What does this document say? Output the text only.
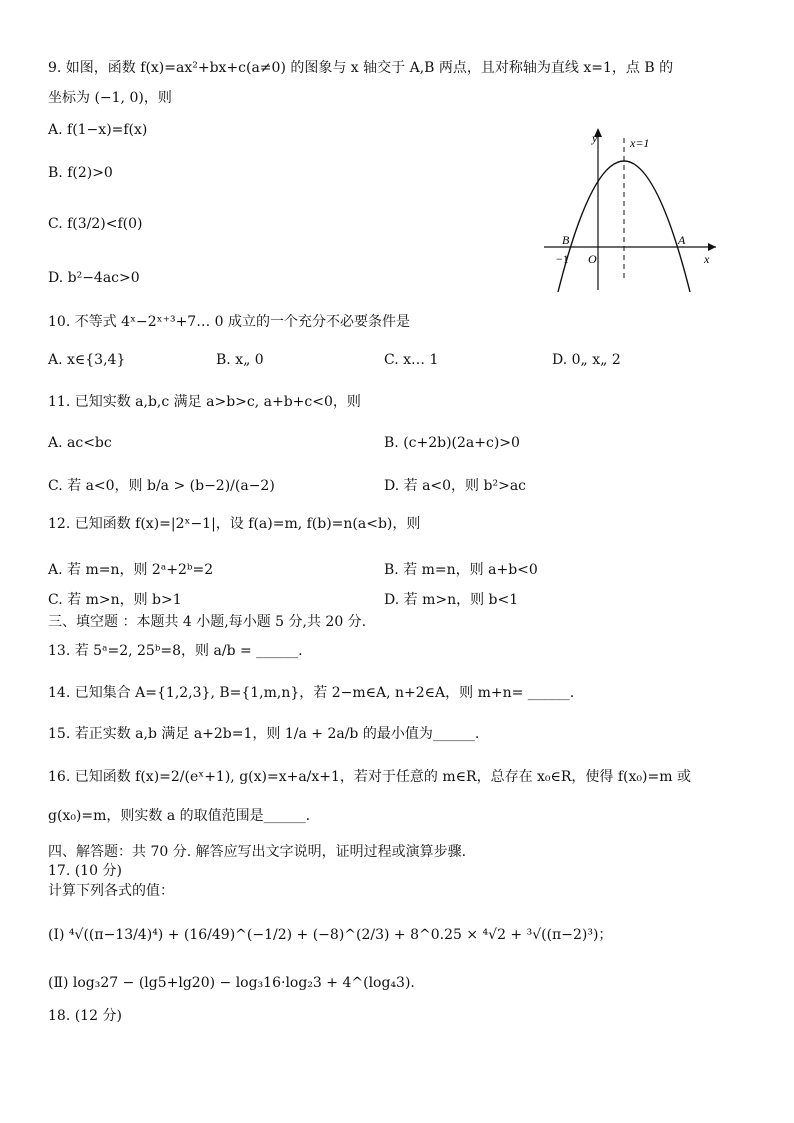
9. 如图，函数 f(x)=ax²+bx+c(a≠0) 的图象与 x 轴交于 A,B 两点，且对称轴为直线 x=1，点 B 的
坐标为 (−1, 0)，则
A. f(1−x)=f(x)
B. f(2)>0
C. f(3/2)<f(0)
D. b²−4ac>0
y	x=1
x
O
B	A
−1
10. 不等式 4ˣ−2ˣ⁺³+7… 0 成立的一个充分不必要条件是
A. x∈{3,4}	B. x„ 0	C. x… 1	D. 0„ x„ 2
11. 已知实数 a,b,c 满足 a>b>c, a+b+c<0，则
A. ac<bc	B. (c+2b)(2a+c)>0
C. 若 a<0，则 b/a > (b−2)/(a−2)	D. 若 a<0，则 b²>ac
12. 已知函数 f(x)=|2ˣ−1|，设 f(a)=m, f(b)=n(a<b)，则
A. 若 m=n，则 2ᵃ+2ᵇ=2	B. 若 m=n，则 a+b<0
C. 若 m>n，则 b>1	D. 若 m>n，则 b<1
三、填空题 ：本题共 4 小题,每小题 5 分,共 20 分.
13. 若 5ᵃ=2, 25ᵇ=8，则 a/b = ______.
14. 已知集合 A={1,2,3}, B={1,m,n}，若 2−m∈A, n+2∈A，则 m+n= ______.
15. 若正实数 a,b 满足 a+2b=1，则 1/a + 2a/b 的最小值为______.
16. 已知函数 f(x)=2/(eˣ+1), g(x)=x+a/x+1，若对于任意的 m∈R，总存在 x₀∈R，使得 f(x₀)=m 或
g(x₀)=m，则实数 a 的取值范围是______.
四、解答题：共 70 分. 解答应写出文字说明，证明过程或演算步骤.
17. (10 分)
计算下列各式的值：
(Ⅰ) ⁴√((π−13/4)⁴) + (16/49)^(−1/2) + (−8)^(2/3) + 8^0.25 × ⁴√2 + ³√((π−2)³)；
(Ⅱ) log₃27 − (lg5+lg20) − log₃16·log₂3 + 4^(log₄3).
18. (12 分)
